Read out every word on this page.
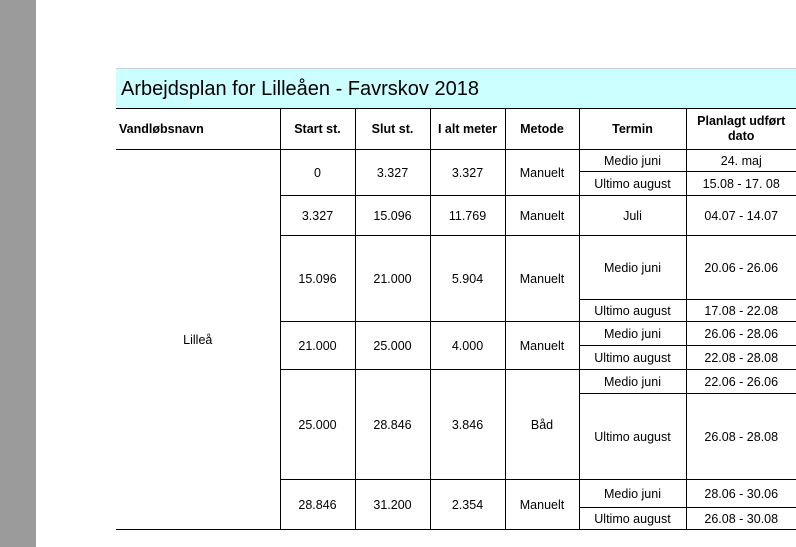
Arbejdsplan for Lilleåen - Favrskov 2018
Vandløbsnavn	Start st.	Slut st.	I alt meter	Metode	Termin	Planlagt udført dato
Lilleå	0	3.327	3.327	Manuelt	Medio juni	24. maj
					Ultimo august	15.08 - 17. 08
	3.327	15.096	11.769	Manuelt	Juli	04.07 - 14.07
	15.096	21.000	5.904	Manuelt	Medio juni	20.06 - 26.06
					Ultimo august	17.08 - 22.08
	21.000	25.000	4.000	Manuelt	Medio juni	26.06 - 28.06
					Ultimo august	22.08 - 28.08
	25.000	28.846	3.846	Båd	Medio juni	22.06 - 26.06
					Ultimo august	26.08 - 28.08
	28.846	31.200	2.354	Manuelt	Medio juni	28.06 - 30.06
					Ultimo august	26.08 - 30.08
